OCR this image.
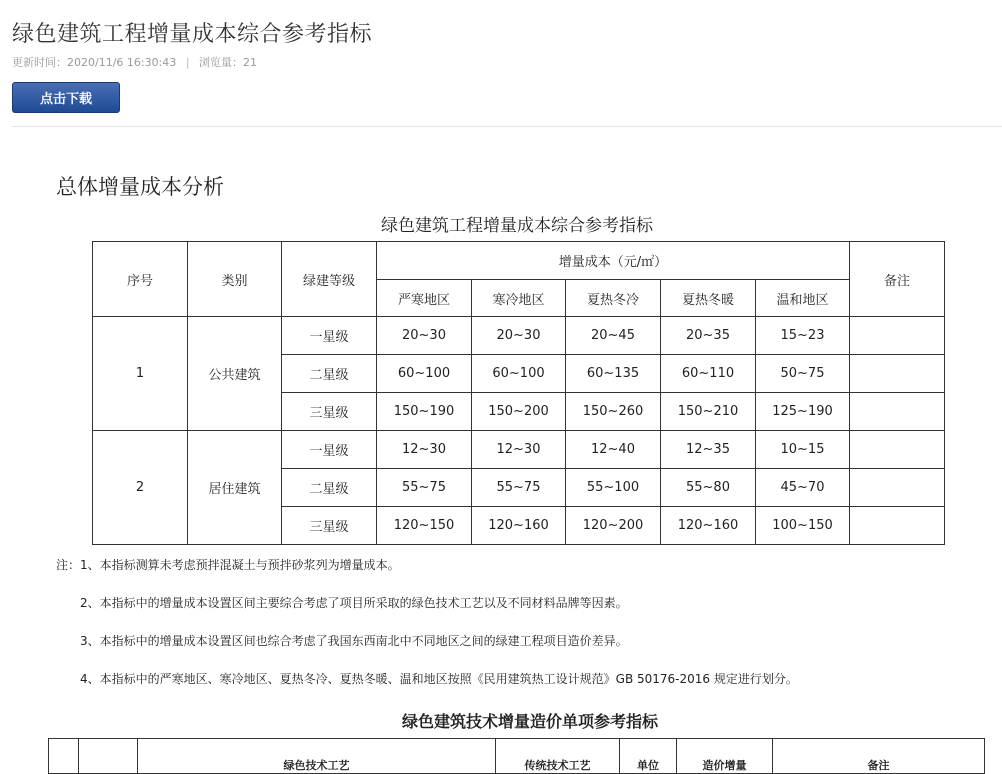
绿色建筑工程增量成本综合参考指标
更新时间：2020/11/6 16:30:43 | 浏览量：21
点击下载
总体增量成本分析
绿色建筑工程增量成本综合参考指标
序号	类别	绿建等级	增量成本（元/㎡）					备注
			严寒地区	寒冷地区	夏热冬冷	夏热冬暖	温和地区	
1	公共建筑	一星级	20~30	20~30	20~45	20~35	15~23	
		二星级	60~100	60~100	60~135	60~110	50~75	
		三星级	150~190	150~200	150~260	150~210	125~190	
2	居住建筑	一星级	12~30	12~30	12~40	12~35	10~15	
		二星级	55~75	55~75	55~100	55~80	45~70	
		三星级	120~150	120~160	120~200	120~160	100~150	
注：1、本指标测算未考虑预拌混凝土与预拌砂浆列为增量成本。
2、本指标中的增量成本设置区间主要综合考虑了项目所采取的绿色技术工艺以及不同材料品牌等因素。
3、本指标中的增量成本设置区间也综合考虑了我国东西南北中不同地区之间的绿建工程项目造价差异。
4、本指标中的严寒地区、寒冷地区、夏热冬冷、夏热冬暖、温和地区按照《民用建筑热工设计规范》GB 50176-2016 规定进行划分。
绿色建筑技术增量造价单项参考指标
		绿色技术工艺	传统技术工艺	单位	造价增量	备注
